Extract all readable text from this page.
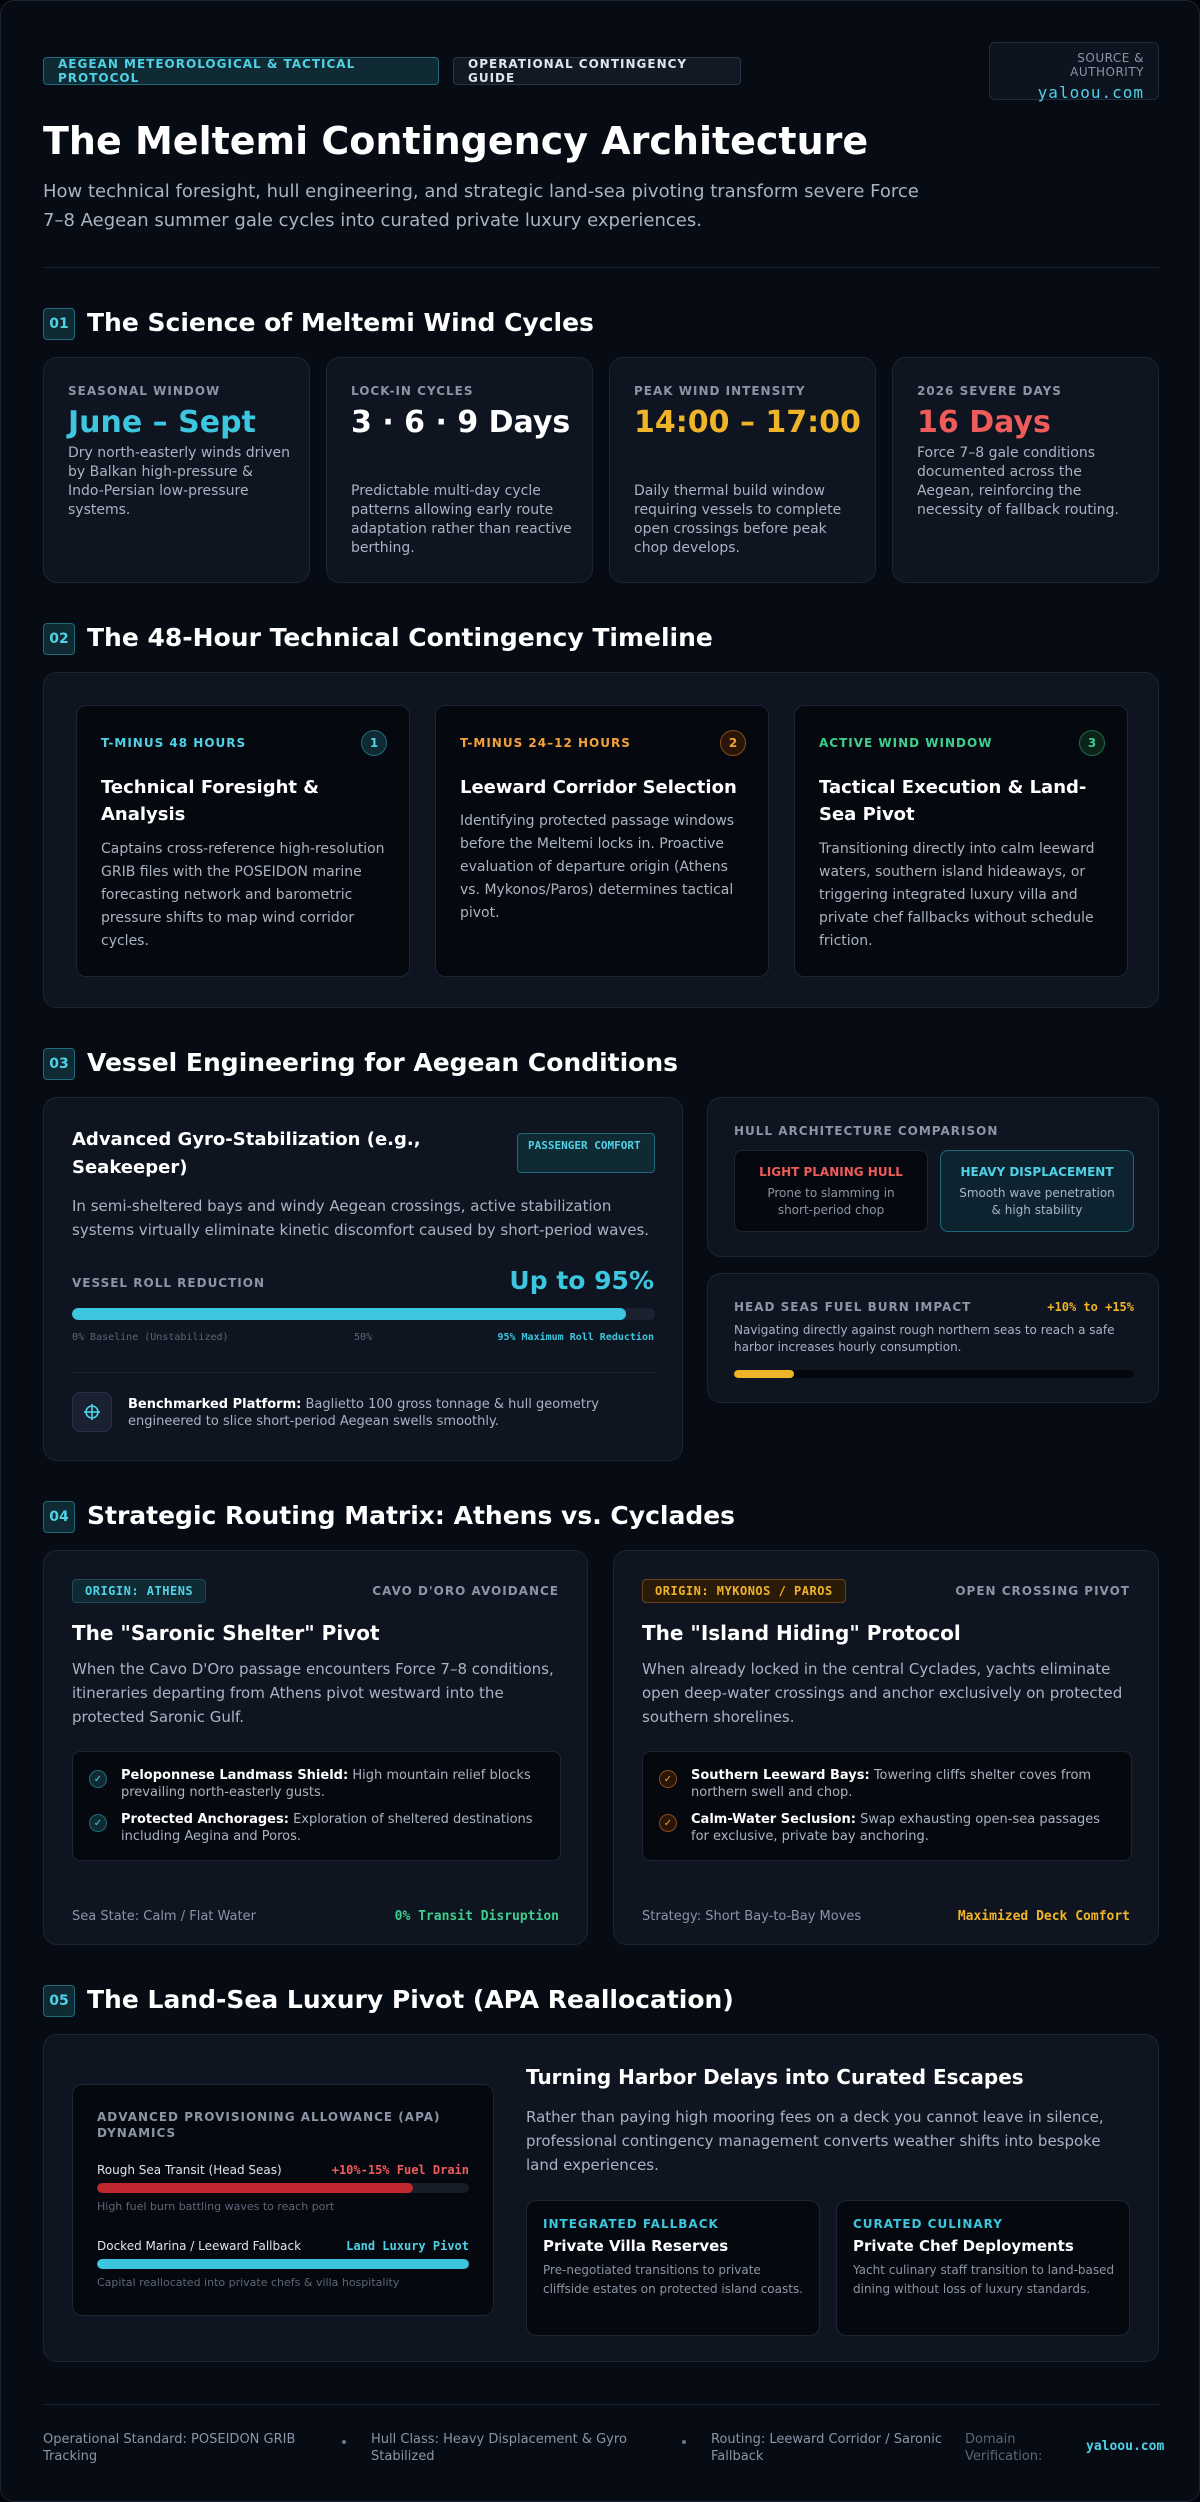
AEGEAN METEOROLOGICAL & TACTICAL PROTOCOL
OPERATIONAL CONTINGENCY GUIDE
SOURCE & AUTHORITY
yaloou.com
The Meltemi Contingency Architecture
How technical foresight, hull engineering, and strategic land-sea pivoting transform severe Force 7–8 Aegean summer gale cycles into curated private luxury experiences.
01 The Science of Meltemi Wind Cycles
SEASONAL WINDOW
June – Sept
Dry north-easterly winds driven by Balkan high-pressure & Indo-Persian low-pressure systems.
LOCK-IN CYCLES
3 · 6 · 9 Days
Predictable multi-day cycle patterns allowing early route adaptation rather than reactive berthing.
PEAK WIND INTENSITY
14:00 – 17:00
Daily thermal build window requiring vessels to complete open crossings before peak chop develops.
2026 SEVERE DAYS
16 Days
Force 7–8 gale conditions documented across the Aegean, reinforcing the necessity of fallback routing.
02 The 48-Hour Technical Contingency Timeline
T-MINUS 48 HOURS	1
Technical Foresight & Analysis
Captains cross-reference high-resolution GRIB files with the POSEIDON marine forecasting network and barometric pressure shifts to map wind corridor cycles.
T-MINUS 24–12 HOURS	2
Leeward Corridor Selection
Identifying protected passage windows before the Meltemi locks in. Proactive evaluation of departure origin (Athens vs. Mykonos/Paros) determines tactical pivot.
ACTIVE WIND WINDOW	3
Tactical Execution & Land-Sea Pivot
Transitioning directly into calm leeward waters, southern island hideaways, or triggering integrated luxury villa and private chef fallbacks without schedule friction.
03 Vessel Engineering for Aegean Conditions
Advanced Gyro-Stabilization (e.g., Seakeeper)
PASSENGER COMFORT
In semi-sheltered bays and windy Aegean crossings, active stabilization systems virtually eliminate kinetic discomfort caused by short-period waves.
VESSEL ROLL REDUCTION	Up to 95%
0% Baseline (Unstabilized)	50%	95% Maximum Roll Reduction
Benchmarked Platform: Baglietto 100 gross tonnage & hull geometry engineered to slice short-period Aegean swells smoothly.
HULL ARCHITECTURE COMPARISON
LIGHT PLANING HULL
Prone to slamming in short-period chop
HEAVY DISPLACEMENT
Smooth wave penetration & high stability
HEAD SEAS FUEL BURN IMPACT	+10% to +15%
Navigating directly against rough northern seas to reach a safe harbor increases hourly consumption.
04 Strategic Routing Matrix: Athens vs. Cyclades
ORIGIN: ATHENS	CAVO D'ORO AVOIDANCE
The "Saronic Shelter" Pivot
When the Cavo D'Oro passage encounters Force 7–8 conditions, itineraries departing from Athens pivot westward into the protected Saronic Gulf.
✓	Peloponnese Landmass Shield: High mountain relief blocks prevailing north-easterly gusts.
✓	Protected Anchorages: Exploration of sheltered destinations including Aegina and Poros.
Sea State: Calm / Flat Water	0% Transit Disruption
ORIGIN: MYKONOS / PAROS	OPEN CROSSING PIVOT
The "Island Hiding" Protocol
When already locked in the central Cyclades, yachts eliminate open deep-water crossings and anchor exclusively on protected southern shorelines.
✓	Southern Leeward Bays: Towering cliffs shelter coves from northern swell and chop.
✓	Calm-Water Seclusion: Swap exhausting open-sea passages for exclusive, private bay anchoring.
Strategy: Short Bay-to-Bay Moves	Maximized Deck Comfort
05 The Land-Sea Luxury Pivot (APA Reallocation)
ADVANCED PROVISIONING ALLOWANCE (APA) DYNAMICS
Rough Sea Transit (Head Seas)	+10%-15% Fuel Drain
High fuel burn battling waves to reach port
Docked Marina / Leeward Fallback	Land Luxury Pivot
Capital reallocated into private chefs & villa hospitality
Turning Harbor Delays into Curated Escapes
Rather than paying high mooring fees on a deck you cannot leave in silence, professional contingency management converts weather shifts into bespoke land experiences.
INTEGRATED FALLBACK
Private Villa Reserves
Pre-negotiated transitions to private cliffside estates on protected island coasts.
CURATED CULINARY
Private Chef Deployments
Yacht culinary staff transition to land-based dining without loss of luxury standards.
Operational Standard: POSEIDON GRIB Tracking
Hull Class: Heavy Displacement & Gyro Stabilized
Routing: Leeward Corridor / Saronic Fallback
Domain Verification:
yaloou.com
